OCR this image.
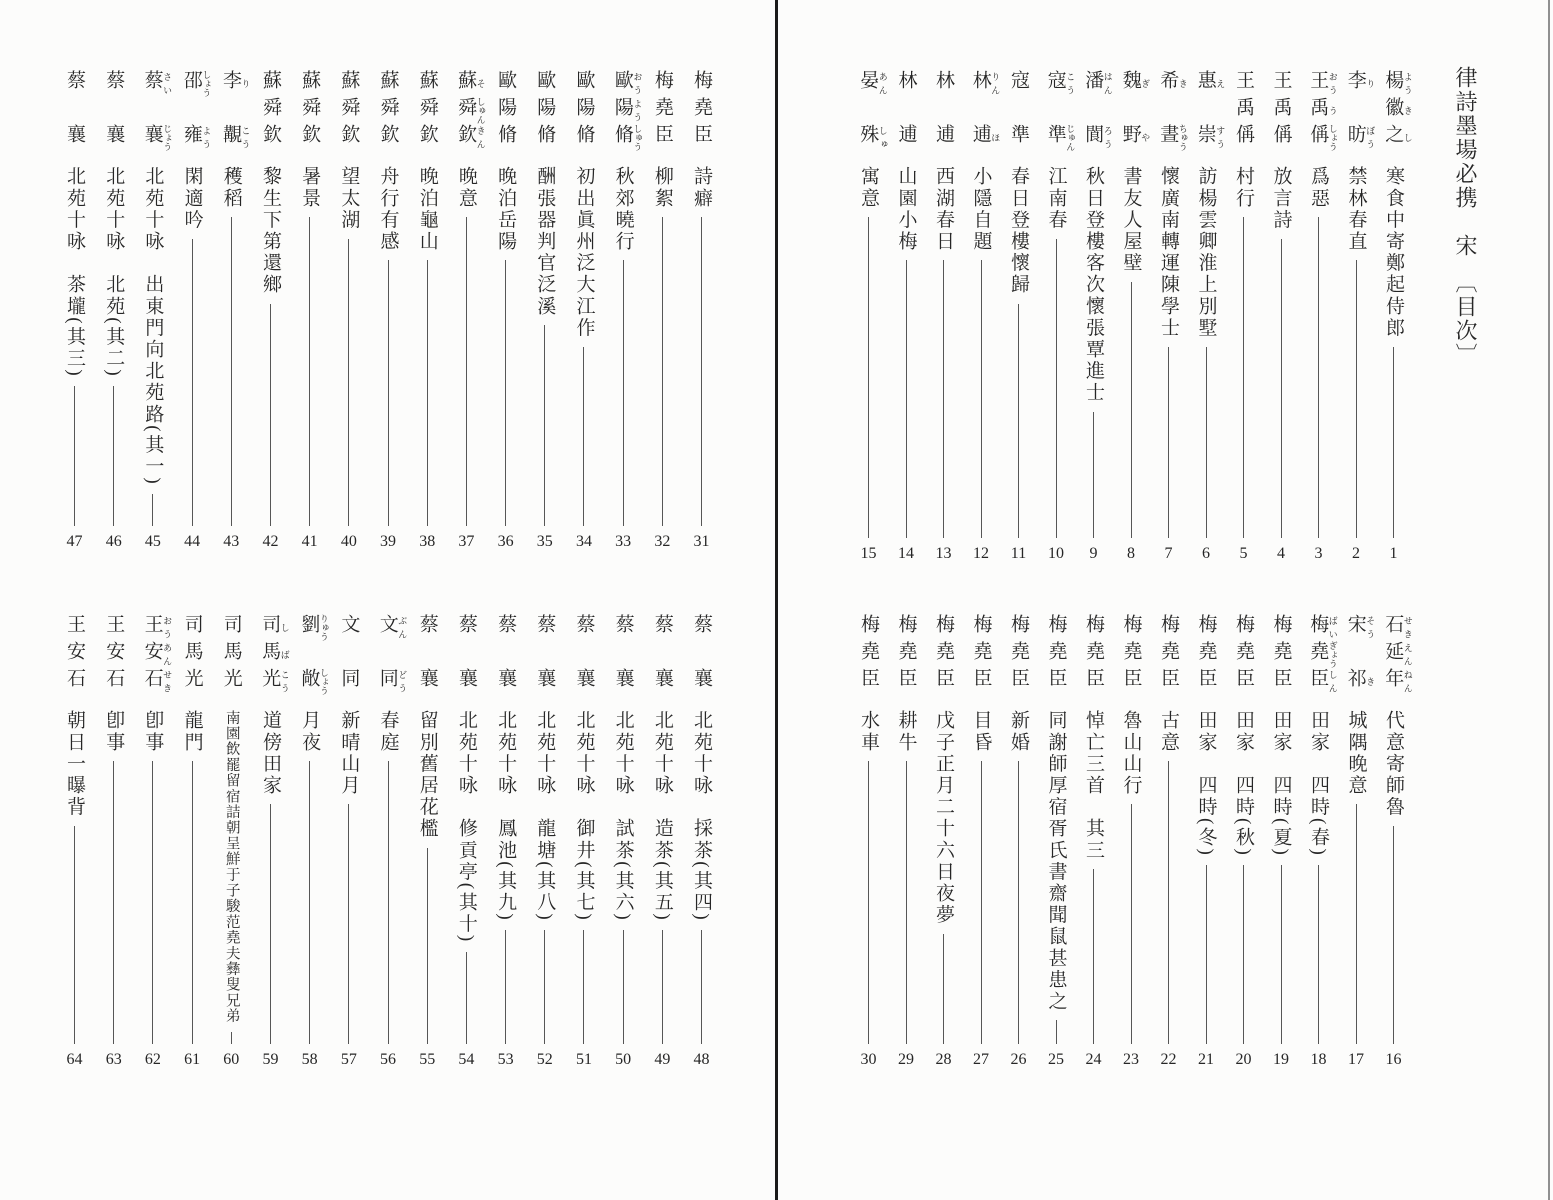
律詩墨場必携　宋　〔目次〕
楊 よう徽 き之 し
寒食中寄鄭起侍郎
1
李 り　昉 ぼう
禁林春直
2
王 おう禹 う偁 しょう
爲惡
3
王禹偁
放言詩
4
王禹偁
村行
5
惠 え　崇 すう
訪楊雲卿淮上別墅
6
希 き　晝 ちゅう
懷廣南轉運陳學士
7
魏 ぎ　野 や
書友人屋壁
8
潘 はん　閬 ろう
秋日登樓客次懷張覃進士
9
寇 こう　準 じゅん
江南春
10
寇　準
春日登樓懷歸
11
林 りん　逋 ほ
小隱自題
12
林　逋
西湖春日
13
林　逋
山園小梅
14
晏 あん　殊 しゅ
寓意
15
石 せき延 えん年 ねん
代意寄師魯
16
宋 そう　祁 き
城隅晚意
17
梅 ばい堯 ぎょう臣 しん
田家　四時(春)
18
梅堯臣
田家　四時(夏)
19
梅堯臣
田家　四時(秋)
20
梅堯臣
田家　四時(冬)
21
梅堯臣
古意
22
梅堯臣
魯山山行
23
梅堯臣
悼亡三首　其三
24
梅堯臣
同謝師厚宿胥氏書齋聞鼠甚患之
25
梅堯臣
新婚
26
梅堯臣
目昏
27
梅堯臣
戊子正月二十六日夜夢
28
梅堯臣
耕牛
29
梅堯臣
水車
30
梅堯臣
詩癖
31
梅堯臣
柳絮
32
歐 おう陽 よう脩 しゅう
秋郊曉行
33
歐陽脩
初出眞州泛大江作
34
歐陽脩
酬張器判官泛溪
35
歐陽脩
晚泊岳陽
36
蘇 そ舜 しゅん欽 きん
晚意
37
蘇舜欽
晚泊龜山
38
蘇舜欽
舟行有感
39
蘇舜欽
望太湖
40
蘇舜欽
暑景
41
蘇舜欽
黎生下第還鄉
42
李 り　覯 こう
穫稻
43
邵 しょう　雍 よう
閑適吟
44
蔡 さい　襄 じょう
北苑十咏　出東門向北苑路(其一)
45
蔡　襄
北苑十咏　北苑(其二)
46
蔡　襄
北苑十咏　茶壠(其三)
47
蔡　襄
北苑十咏　採茶(其四)
48
蔡　襄
北苑十咏　造茶(其五)
49
蔡　襄
北苑十咏　試茶(其六)
50
蔡　襄
北苑十咏　御井(其七)
51
蔡　襄
北苑十咏　龍塘(其八)
52
蔡　襄
北苑十咏　鳳池(其九)
53
蔡　襄
北苑十咏　修貢亭(其十)
54
蔡　襄
留別舊居花檻
55
文 ぶん　同 どう
春庭
56
文　同
新晴山月
57
劉 りゅう　敞 しょう
月夜
58
司 し馬 ば光 こう
道傍田家
59
司馬光
南園飲罷留宿詰朝呈鮮于子駿范堯夫彝叟兄弟
60
司馬光
龍門
61
王 おう安 あん石 せき
卽事
62
王安石
卽事
63
王安石
朝日一曝背
64
